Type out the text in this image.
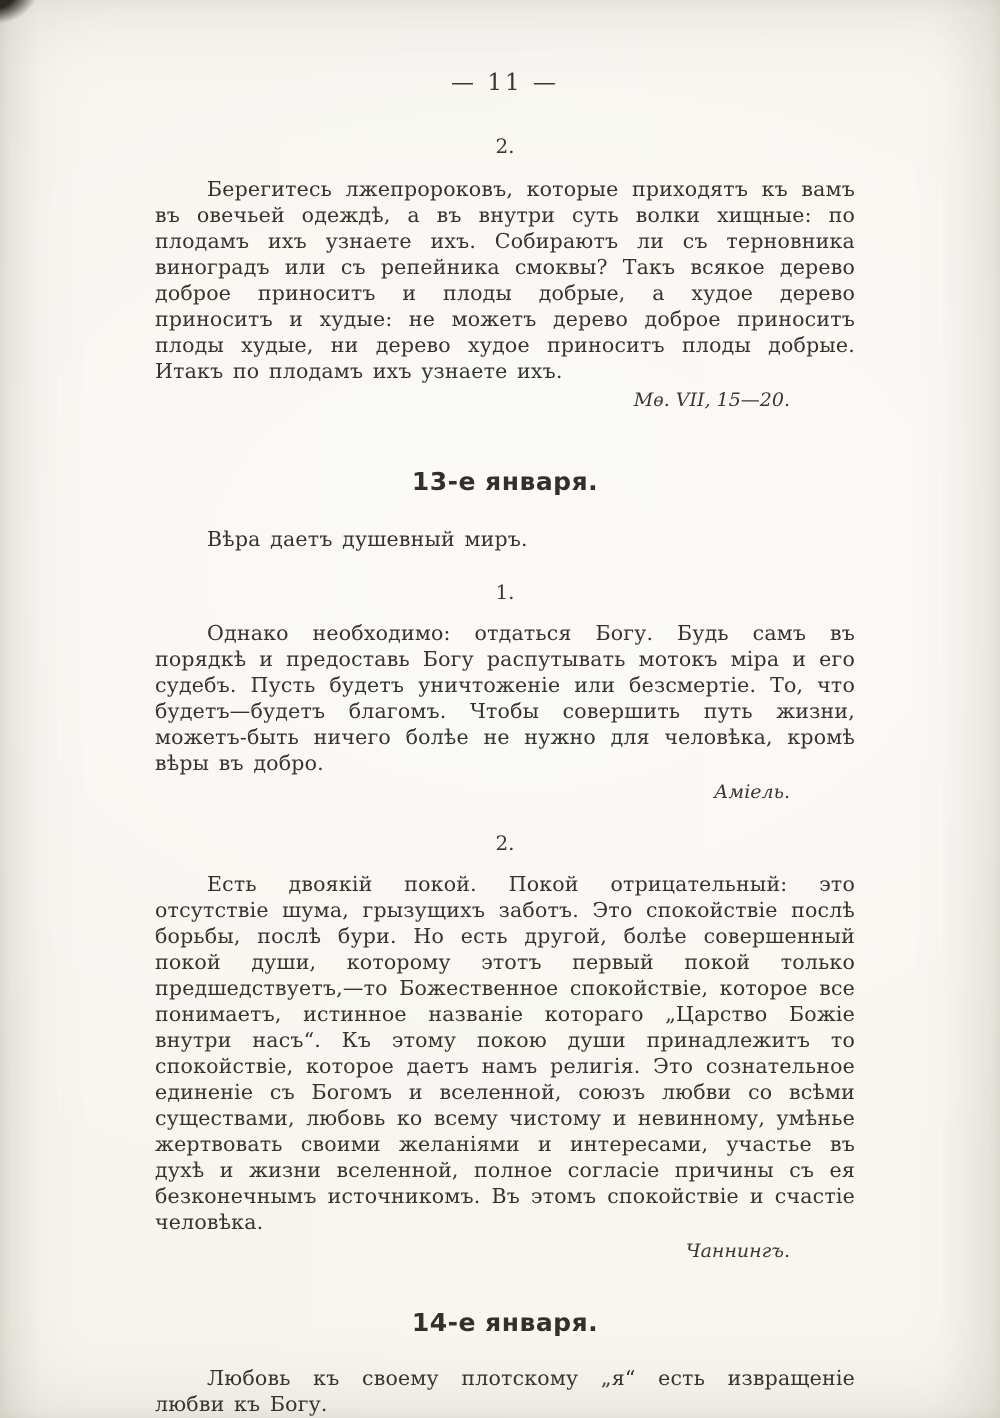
— 11 —
2.

Берегитесь лжепророковъ, которые приходятъ къ вамъ въ овечьей одеждѣ, а въ внутри суть волки хищные: по плодамъ ихъ узнаете ихъ. Собираютъ ли съ терновника виноградъ или съ репейника смоквы? Такъ всякое дерево доброе приноситъ и плоды добрые, а худое дерево приноситъ и худые: не можетъ дерево доброе приноситъ плоды худые, ни дерево худое приноситъ плоды добрые. Итакъ по плодамъ ихъ узнаете ихъ.

Мѳ. VII, 15—20.
13-е января.

Вѣра даетъ душевный миръ.

1.

Однако необходимо: отдаться Богу. Будь самъ въ порядкѣ и предоставь Богу распутывать мотокъ міра и его судебъ. Пусть будетъ уничтоженіе или безсмертіе. То, что будетъ—будетъ благомъ. Чтобы совершить путь жизни, можетъ-быть ничего болѣе не нужно для человѣка, кромѣ вѣры въ добро.

Аміель.
2.

Есть двоякій покой. Покой отрицательный: это отсутствіе шума, грызущихъ заботъ. Это спокойствіе послѣ борьбы, послѣ бури. Но есть другой, болѣе совершенный покой души, которому этотъ первый покой только предшедствуетъ,—то Божественное спокойствіе, которое все понимаетъ, истинное названіе котораго „Царство Божіе внутри насъ“. Къ этому покою души принадлежитъ то спокойствіе, которое даетъ намъ религія. Это сознательное единеніе съ Богомъ и вселенной, союзъ любви со всѣми существами, любовь ко всему чистому и невинному, умѣнье жертвовать своими желаніями и интересами, участье въ духѣ и жизни вселенной, полное согласіе причины съ ея безконечнымъ источникомъ. Въ этомъ спокойствіе и счастіе человѣка.

Чаннингъ.
14-е января.

Любовь къ своему плотскому „я“ есть извращеніе любви къ Богу.
